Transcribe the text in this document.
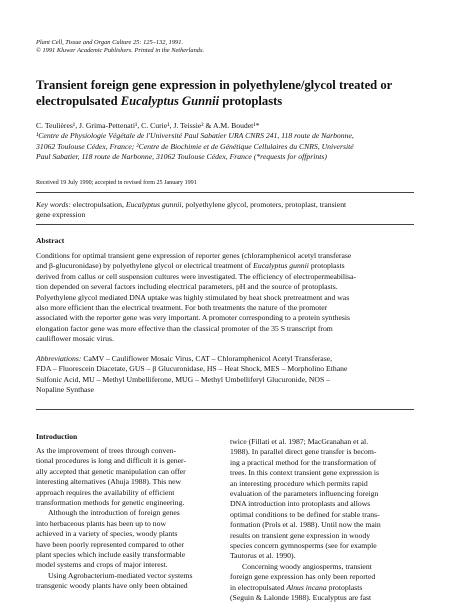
Plant Cell, Tissue and Organ Culture 25: 125–132, 1991.
© 1991 Kluwer Academic Publishers. Printed in the Netherlands.
Transient foreign gene expression in polyethylene/glycol treated or
electropulsated Eucalyptus Gunnii protoplasts
C. Teulières¹, J. Grima-Pettenati¹, C. Curie¹, J. Teissie² & A.M. Boudet¹*
¹Centre de Physiologie Végétale de l'Université Paul Sabatier URA CNRS 241, 118 route de Narbonne,
31062 Toulouse Cédex, France; ²Centre de Biochimie et de Génétique Cellulaires du CNRS, Université
Paul Sabatier, 118 route de Narbonne, 31062 Toulouse Cédex, France (*requests for offprints)
Received 19 July 1990; accepted in revised form 25 January 1991
Key words: electropulsation, Eucalyptus gunnii, polyethylene glycol, promoters, protoplast, transient
gene expression
Abstract
Conditions for optimal transient gene expression of reporter genes (chloramphenicol acetyl transferase
and β-glucuronidase) by polyethylene glycol or electrical treatment of Eucalyptus gunnii protoplasts
derived from callus or cell suspension cultures were investigated. The efficiency of electropermeabilisa-
tion depended on several factors including electrical parameters, pH and the source of protoplasts.
Polyethylene glycol mediated DNA uptake was highly stimulated by heat shock pretreatment and was
also more efficient than the electrical treatment. For both treatments the nature of the promoter
associated with the reporter gene was very important. A promoter corresponding to a protein synthesis
elongation factor gene was more effective than the classical promoter of the 35 S transcript from
cauliflower mosaic virus.
Abbreviations: CaMV – Cauliflower Mosaic Virus, CAT – Chloramphenicol Acetyl Transferase,
FDA – Fluorescein Diacetate, GUS – β Glucuronidase, HS – Heat Shock, MES – Morpholino Ethane
Sulfonic Acid, MU – Methyl Umbelliferone, MUG – Methyl Umbelliferyl Glucuronide, NOS –
Nopaline Synthase
Introduction

As the improvement of trees through conven-
tional procedures is long and difficult it is gener-
ally accepted that genetic manipulation can offer
interesting alternatives (Ahuja 1988). This new
approach requires the availability of efficient
transformation methods for genetic engineering.

Although the introduction of foreign genes
into herbaceous plants has been up to now
achieved in a variety of species, woody plants
have been poorly represented compared to other
plant species which include easily transformable
model systems and crops of major interest.

Using Agrobacterium-mediated vector systems
transgenic woody plants have only been obtained

twice (Fillati et al. 1987; MacGranahan et al.
1988). In parallel direct gene transfer is becom-
ing a practical method for the transformation of
trees. In this context transient gene expression is
an interesting procedure which permits rapid
evaluation of the parameters influencing foreign
DNA introduction into protoplasts and allows
optimal conditions to be defined for stable trans-
formation (Prols et al. 1988). Until now the main
results on transient gene expression in woody
species concern gymnosperms (see for example
Tautorus et al. 1990).

Concerning woody angiosperms, transient
foreign gene expression has only been reported
in electropulsated Alnus incana protoplasts
(Seguin & Lalonde 1988). Eucalyptus are fast
